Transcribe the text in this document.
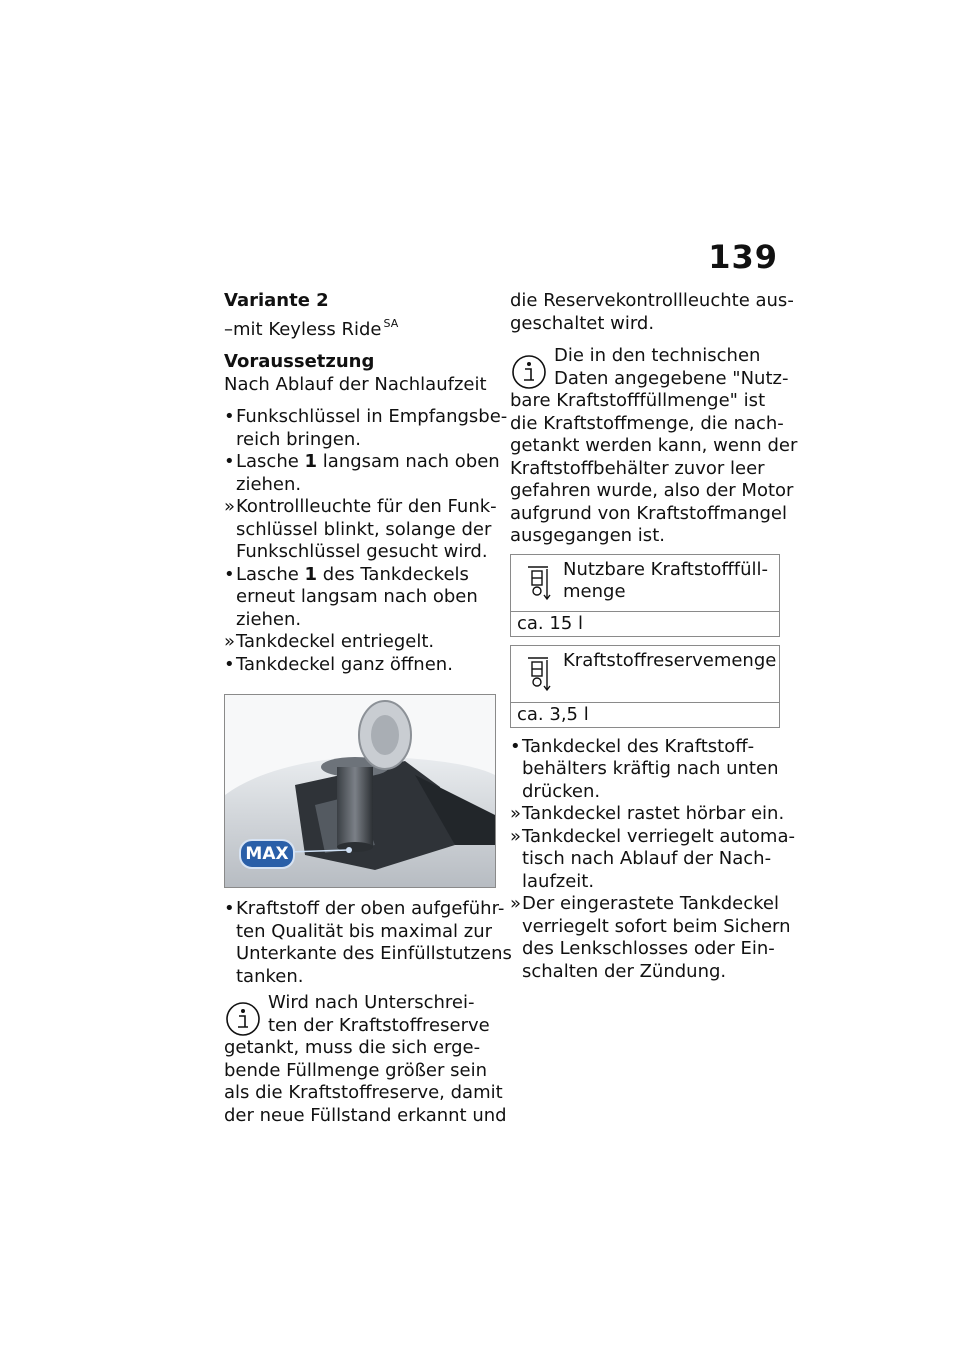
139
Variante 2
–mit Keyless Ride $^{SA}$
Voraussetzung
Nach Ablauf der Nachlaufzeit
• Funkschlüssel in Empfangsbe-
reich bringen.
• Lasche 1 langsam nach oben
ziehen.
» Kontrollleuchte für den Funk-
schlüssel blinkt, solange der
Funkschlüssel gesucht wird.
• Lasche 1 des Tankdeckels
erneut langsam nach oben
ziehen.
» Tankdeckel entriegelt.
• Tankdeckel ganz öffnen.
MAX
• Kraftstoff der oben aufgeführ-
ten Qualität bis maximal zur
Unterkante des Einfüllstutzens
tanken.
Wird nach Unterschrei-
ten der Kraftstoffreserve
getankt, muss die sich erge-
bende Füllmenge größer sein
als die Kraftstoffreserve, damit
der neue Füllstand erkannt und
die Reservekontrollleuchte aus-
geschaltet wird.
Die in den technischen
Daten angegebene "Nutz-
bare Kraftstofffüllmenge" ist
die Kraftstoffmenge, die nach-
getankt werden kann, wenn der
Kraftstoffbehälter zuvor leer
gefahren wurde, also der Motor
aufgrund von Kraftstoffmangel
ausgegangen ist.
Nutzbare Kraftstofffüll-
menge
ca. 15 l
Kraftstoffreservemenge
ca. 3,5 l
• Tankdeckel des Kraftstoff-
behälters kräftig nach unten
drücken.
» Tankdeckel rastet hörbar ein.
» Tankdeckel verriegelt automa-
tisch nach Ablauf der Nach-
laufzeit.
» Der eingerastete Tankdeckel
verriegelt sofort beim Sichern
des Lenkschlosses oder Ein-
schalten der Zündung.
